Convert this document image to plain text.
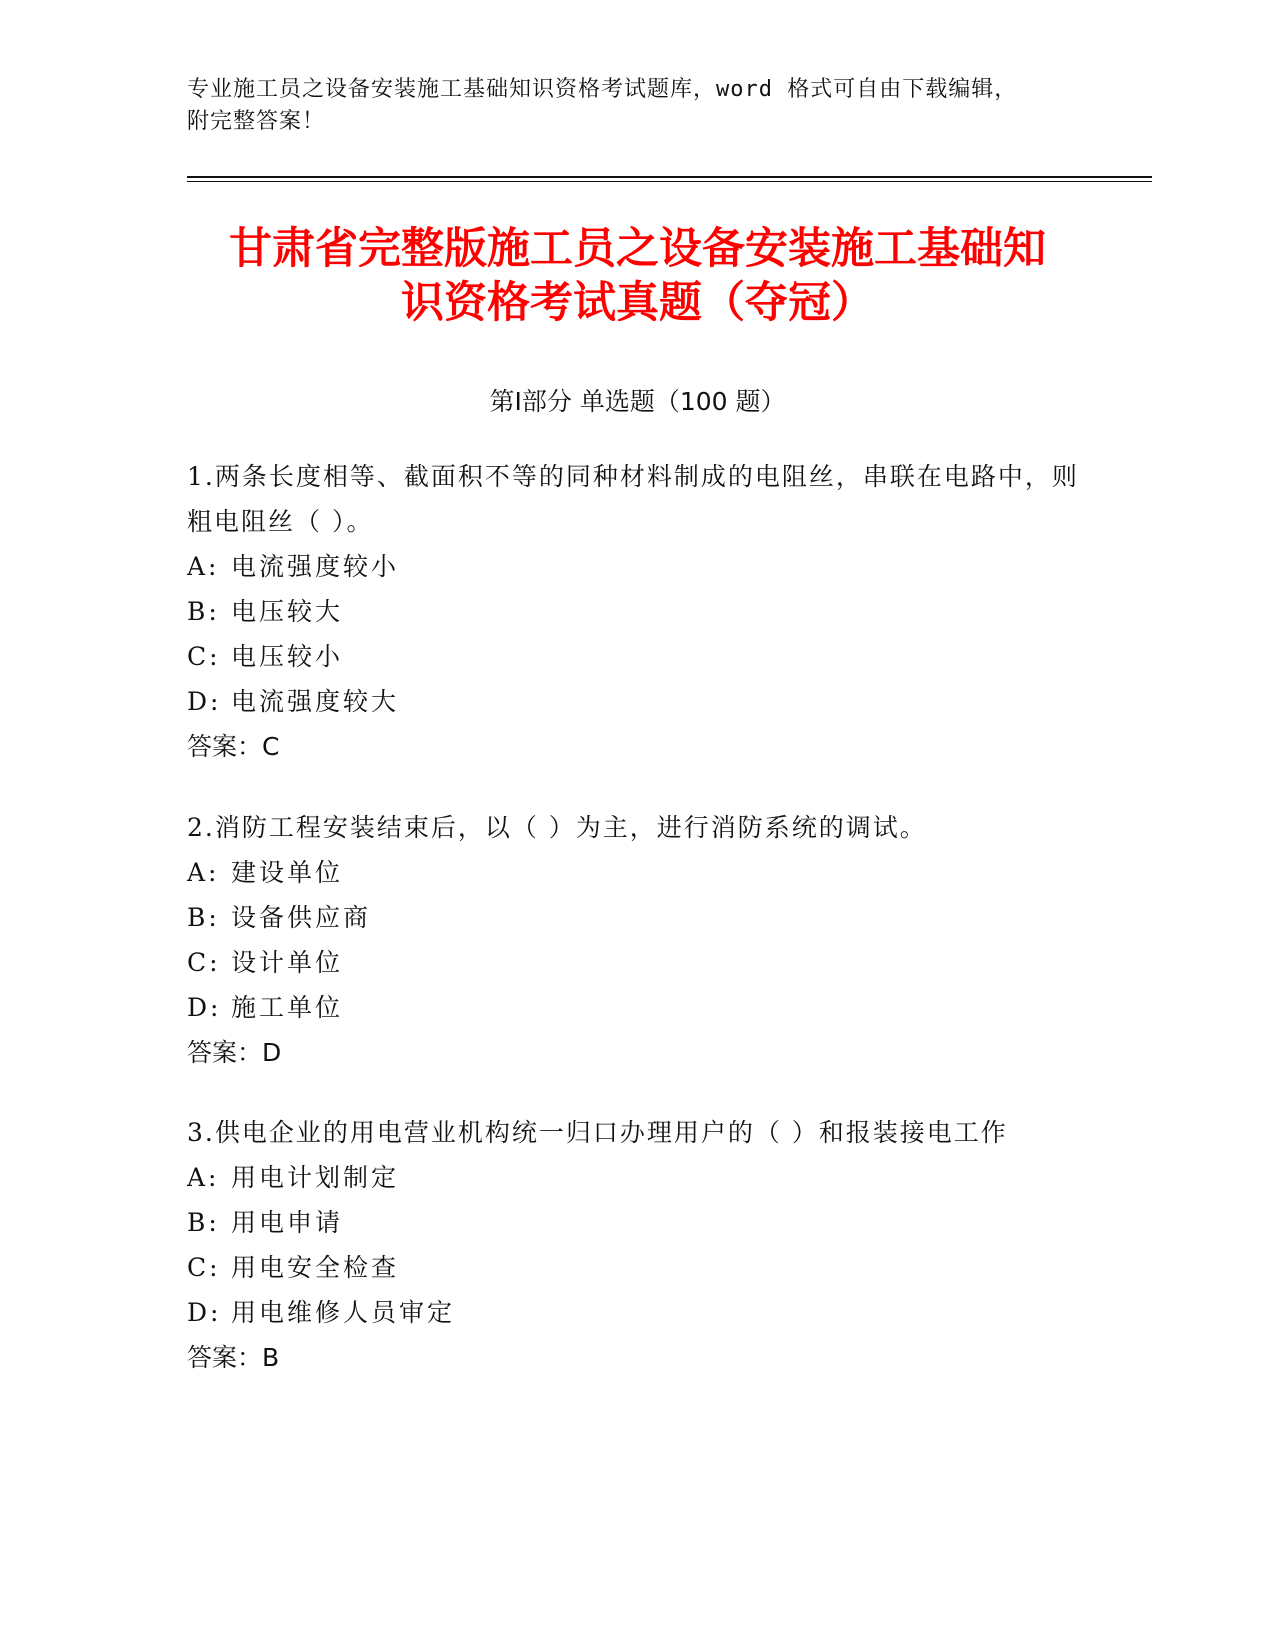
专业施工员之设备安装施工基础知识资格考试题库，word 格式可自由下载编辑，
附完整答案！
甘肃省完整版施工员之设备安装施工基础知
识资格考试真题（夺冠）
第Ⅰ部分 单选题（100 题）
1.两条长度相等、截面积不等的同种材料制成的电阻丝，串联在电路中，则粗电阻丝（ ）。
A: 电流强度较小
B: 电压较大
C: 电压较小
D: 电流强度较大
答案：C
2.消防工程安装结束后，以（ ）为主，进行消防系统的调试。
A: 建设单位
B: 设备供应商
C: 设计单位
D: 施工单位
答案：D
3.供电企业的用电营业机构统一归口办理用户的（ ）和报装接电工作
A: 用电计划制定
B: 用电申请
C: 用电安全检查
D: 用电维修人员审定
答案：B
